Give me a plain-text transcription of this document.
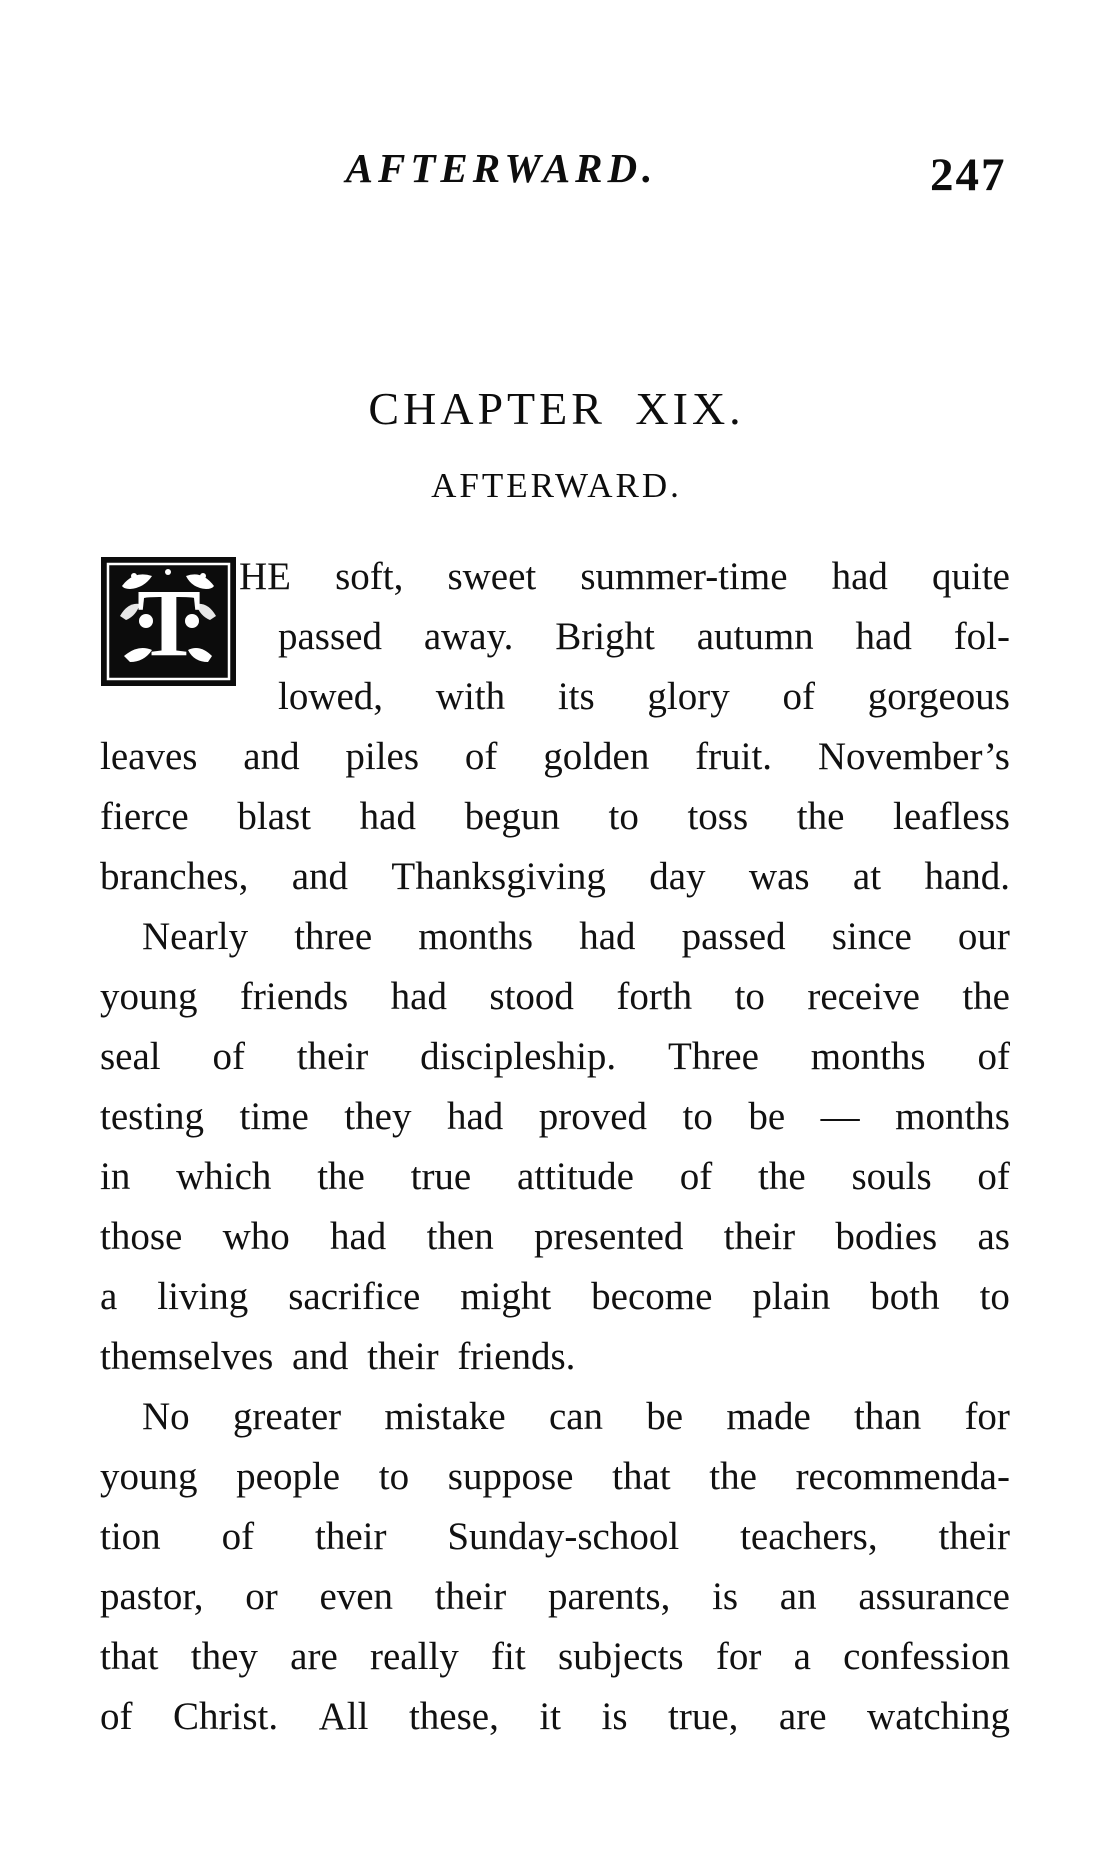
AFTERWARD.	247
CHAPTER XIX.
AFTERWARD.
T HE soft, sweet summer-time had quite
passed away. Bright autumn had fol-
lowed, with its glory of gorgeous
leaves and piles of golden fruit. November’s
fierce blast had begun to toss the leafless
branches, and Thanksgiving day was at hand.
Nearly three months had passed since our
young friends had stood forth to receive the
seal of their discipleship. Three months of
testing time they had proved to be — months
in which the true attitude of the souls of
those who had then presented their bodies as
a living sacrifice might become plain both to
themselves and their friends.
No greater mistake can be made than for
young people to suppose that the recommenda-
tion of their Sunday-school teachers, their
pastor, or even their parents, is an assurance
that they are really fit subjects for a confession
of Christ. All these, it is true, are watching
